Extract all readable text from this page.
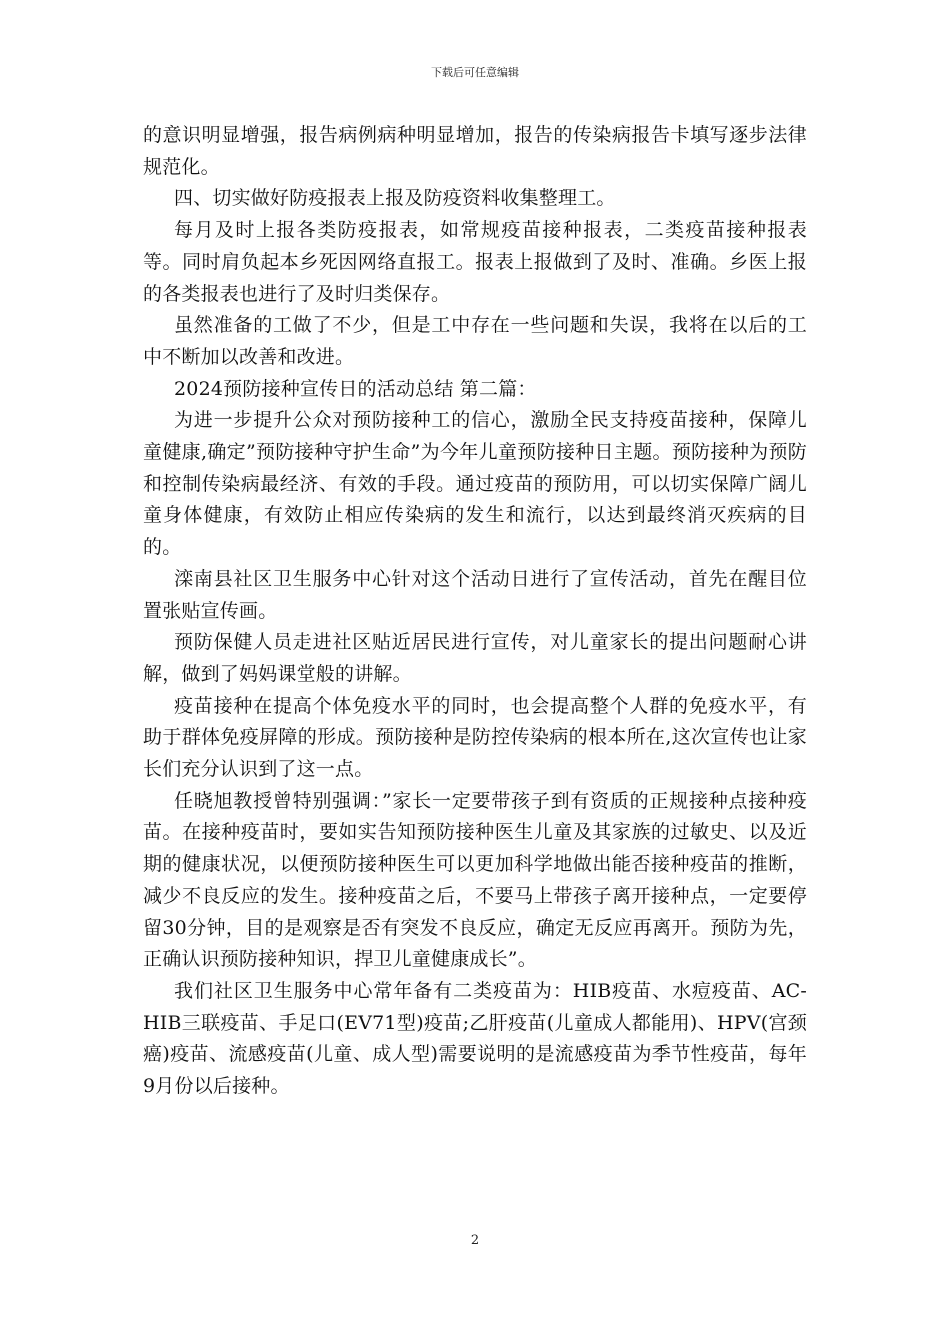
下载后可任意编辑

的意识明显增强，报告病例病种明显增加，报告的传染病报告卡填写逐步法律规范化。

四、切实做好防疫报表上报及防疫资料收集整理工。

每月及时上报各类防疫报表，如常规疫苗接种报表，二类疫苗接种报表等。同时肩负起本乡死因网络直报工。报表上报做到了及时、准确。乡医上报的各类报表也进行了及时归类保存。

虽然准备的工做了不少，但是工中存在一些问题和失误，我将在以后的工中不断加以改善和改进。

2024预防接种宣传日的活动总结 第二篇：

为进一步提升公众对预防接种工的信心，激励全民支持疫苗接种，保障儿童健康,确定”预防接种守护生命”为今年儿童预防接种日主题。预防接种为预防和控制传染病最经济、有效的手段。通过疫苗的预防用，可以切实保障广阔儿童身体健康，有效防止相应传染病的发生和流行，以达到最终消灭疾病的目的。

滦南县社区卫生服务中心针对这个活动日进行了宣传活动，首先在醒目位置张贴宣传画。

预防保健人员走进社区贴近居民进行宣传，对儿童家长的提出问题耐心讲解，做到了妈妈课堂般的讲解。

疫苗接种在提高个体免疫水平的同时，也会提高整个人群的免疫水平，有助于群体免疫屏障的形成。预防接种是防控传染病的根本所在,这次宣传也让家长们充分认识到了这一点。

任晓旭教授曾特别强调：”家长一定要带孩子到有资质的正规接种点接种疫苗。在接种疫苗时，要如实告知预防接种医生儿童及其家族的过敏史、以及近期的健康状况，以便预防接种医生可以更加科学地做出能否接种疫苗的推断，减少不良反应的发生。接种疫苗之后，不要马上带孩子离开接种点，一定要停留30分钟，目的是观察是否有突发不良反应，确定无反应再离开。预防为先，正确认识预防接种知识，捍卫儿童健康成长”。

我们社区卫生服务中心常年备有二类疫苗为：HIB疫苗、水痘疫苗、AC-HIB三联疫苗、手足口(EV71型)疫苗;乙肝疫苗(儿童成人都能用)、HPV(宫颈癌)疫苗、流感疫苗(儿童、成人型)需要说明的是流感疫苗为季节性疫苗，每年9月份以后接种。

2
